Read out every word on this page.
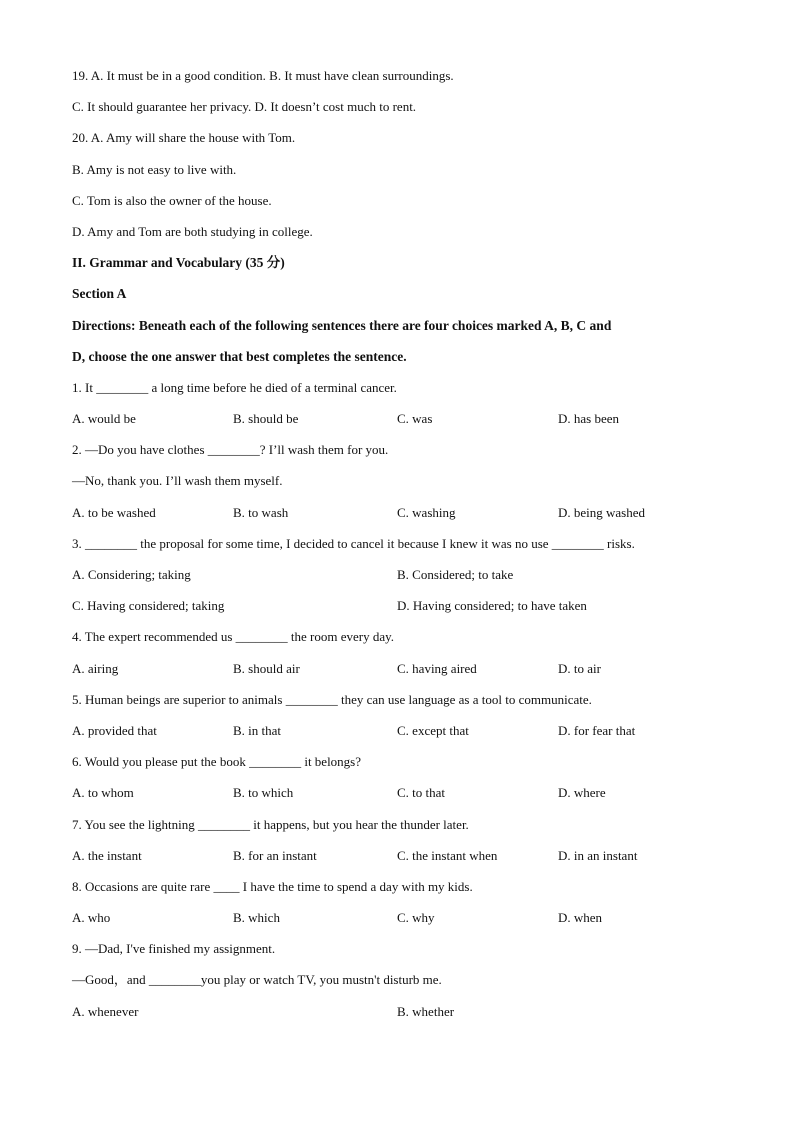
19. A. It must be in a good condition. B. It must have clean surroundings.
C. It should guarantee her privacy. D. It doesn’t cost much to rent.
20. A. Amy will share the house with Tom.
B. Amy is not easy to live with.
C. Tom is also the owner of the house.
D. Amy and Tom are both studying in college.
II. Grammar and Vocabulary (35 分)
Section A
Directions: Beneath each of the following sentences there are four choices marked A, B, C and
D, choose the one answer that best completes the sentence.
1. It ________ a long time before he died of a terminal cancer.
A. would be	B. should be	C. was	D. has been
2. —Do you have clothes ________? I’ll wash them for you.
—No, thank you. I’ll wash them myself.
A. to be washed	B. to wash	C. washing	D. being washed
3. ________ the proposal for some time, I decided to cancel it because I knew it was no use ________ risks.
A. Considering; taking	B. Considered; to take
C. Having considered; taking	D. Having considered; to have taken
4. The expert recommended us ________ the room every day.
A. airing	B. should air	C. having aired	D. to air
5. Human beings are superior to animals ________ they can use language as a tool to communicate.
A. provided that	B. in that	C. except that	D. for fear that
6. Would you please put the book ________ it belongs?
A. to whom	B. to which	C. to that	D. where
7. You see the lightning ________ it happens, but you hear the thunder later.
A. the instant	B. for an instant	C. the instant when	D. in an instant
8. Occasions are quite rare ____ I have the time to spend a day with my kids.
A. who	B. which	C. why	D. when
9. —Dad, I've finished my assignment.
—Good，and ________you play or watch TV, you mustn't disturb me.
A. whenever	B. whether
